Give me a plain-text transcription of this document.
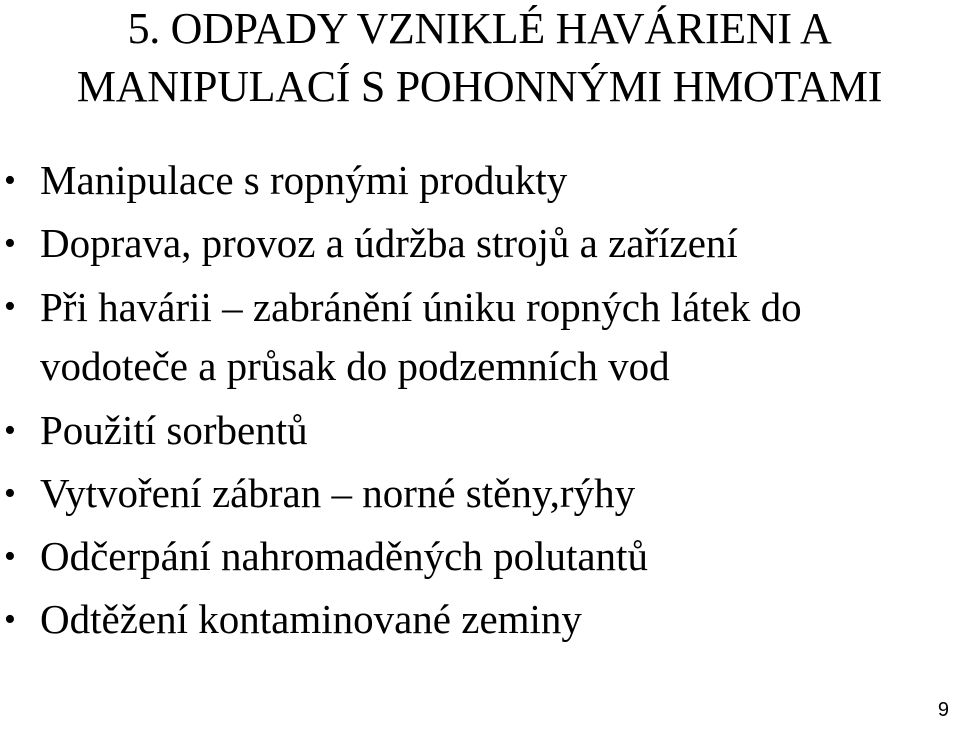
5. ODPADY VZNIKLÉ HAVÁRIENI A
MANIPULACÍ S POHONNÝMI HMOTAMI
• Manipulace s ropnými produkty
• Doprava, provoz a údržba strojů a zařízení
• Při havárii – zabránění úniku ropných látek do vodoteče a průsak do podzemních vod
• Použití sorbentů
• Vytvoření zábran – norné stěny,rýhy
• Odčerpání nahromaděných polutantů
• Odtěžení kontaminované zeminy
9
